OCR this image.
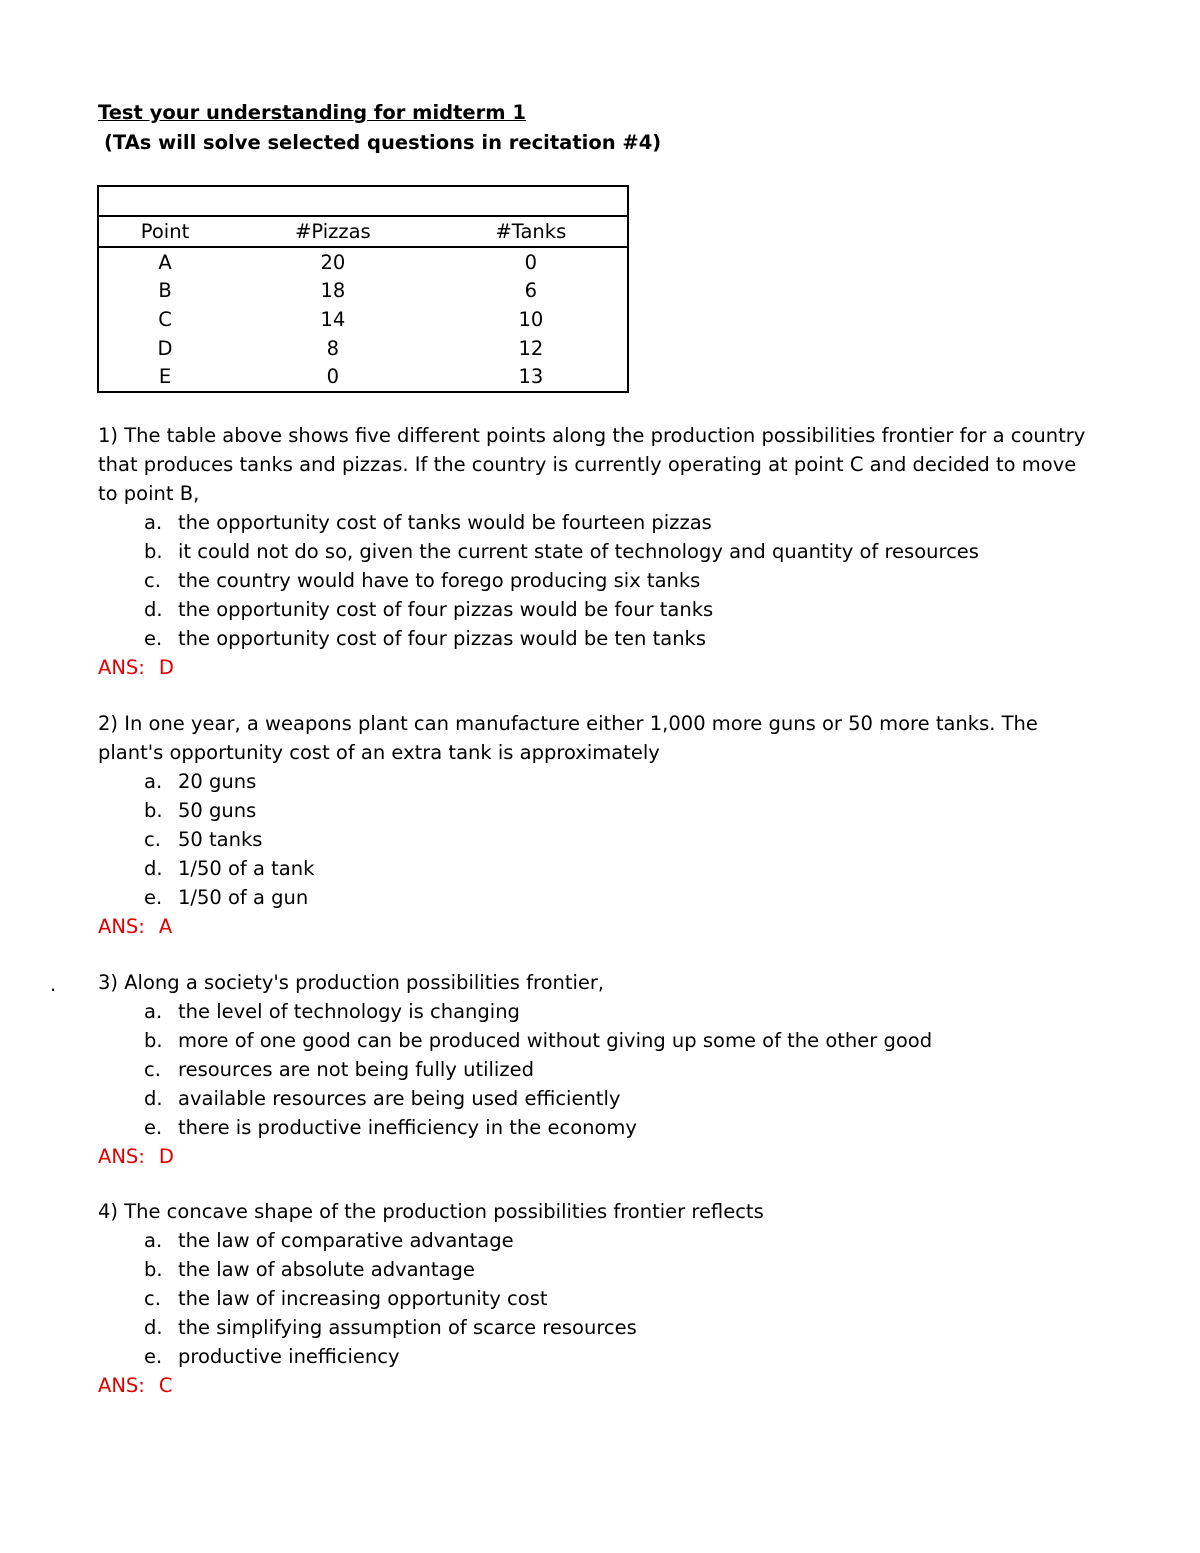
Test your understanding for midterm 1
(TAs will solve selected questions in recitation #4)

Point	#Pizzas	#Tanks
A	20	0
B	18	6
C	14	10
D	8	12
E	0	13

1) The table above shows five different points along the production possibilities frontier for a country that produces tanks and pizzas. If the country is currently operating at point C and decided to move to point B,

a. the opportunity cost of tanks would be fourteen pizzas
b. it could not do so, given the current state of technology and quantity of resources
c. the country would have to forego producing six tanks
d. the opportunity cost of four pizzas would be four tanks
e. the opportunity cost of four pizzas would be ten tanks
ANS: D

2) In one year, a weapons plant can manufacture either 1,000 more guns or 50 more tanks. The plant's opportunity cost of an extra tank is approximately

a. 20 guns
b. 50 guns
c. 50 tanks
d. 1/50 of a tank
e. 1/50 of a gun
ANS: A
. 3) Along a society's production possibilities frontier,

a. the level of technology is changing
b. more of one good can be produced without giving up some of the other good
c. resources are not being fully utilized
d. available resources are being used efficiently
e. there is productive inefficiency in the economy
ANS: D

4) The concave shape of the production possibilities frontier reflects

a. the law of comparative advantage
b. the law of absolute advantage
c. the law of increasing opportunity cost
d. the simplifying assumption of scarce resources
e. productive inefficiency
ANS: C
